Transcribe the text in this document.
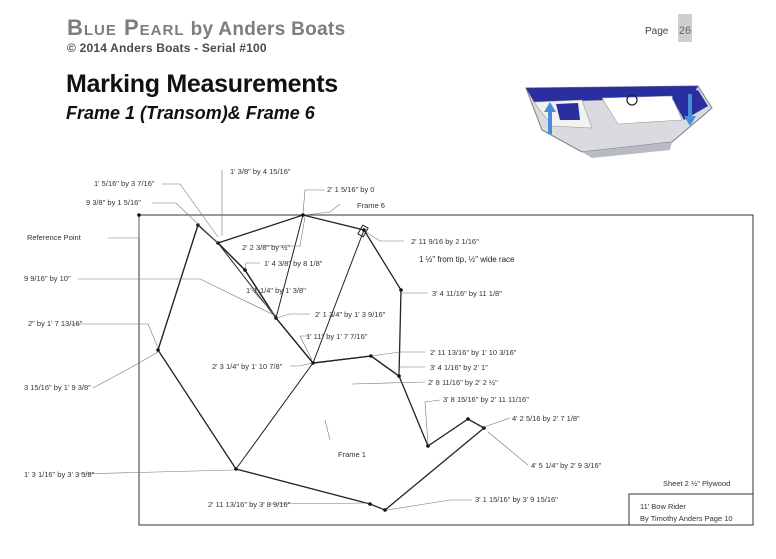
Blue Pearl by Anders Boats
© 2014 Anders Boats - Serial #100
Page 26
Marking Measurements
Frame 1 (Transom)& Frame 6
1' 3/8" by 4 15/16"
1' 5/16" by 3 7/16"
2' 1 5/16" by 0
9 3/8" by 1 5/16"	Frame 6
Reference Point
2' 2 3/8" by ½"
2' 11 9/16 by 2 1/16"
1 ½" from tip, ½" wide race
1' 4 3/8" by 8 1/8"
9 9/16" by 10"
1' 1 1/4" by 1' 3/8"	3' 4 11/16" by 11 1/8"
2' 1 3/4" by 1' 3 9/16"
2" by 1' 7 13/16"
1' 11" by 1' 7 7/16"
2' 11 13/16" by 1' 10 3/16"
2' 3 1/4" by 1' 10 7/8"	3' 4 1/16" by 2' 1"
3 15/16" by 1' 9 3/8"
2' 8 11/16" by 2' 2 ½"
3' 8 15/16" by 2' 11 11/16"
4' 2 5/16 by 2' 7 1/8"
Frame 1
4' 5 1/4" by 2' 9 3/16"
1' 3 1/16" by 3' 3 5/8"
Sheet 2 ½" Plywood
2' 11 13/16" by 3' 8 9/16"
3' 1 15/16" by 3' 9 15/16"
11' Bow Rider
By Timothy Anders Page 10
